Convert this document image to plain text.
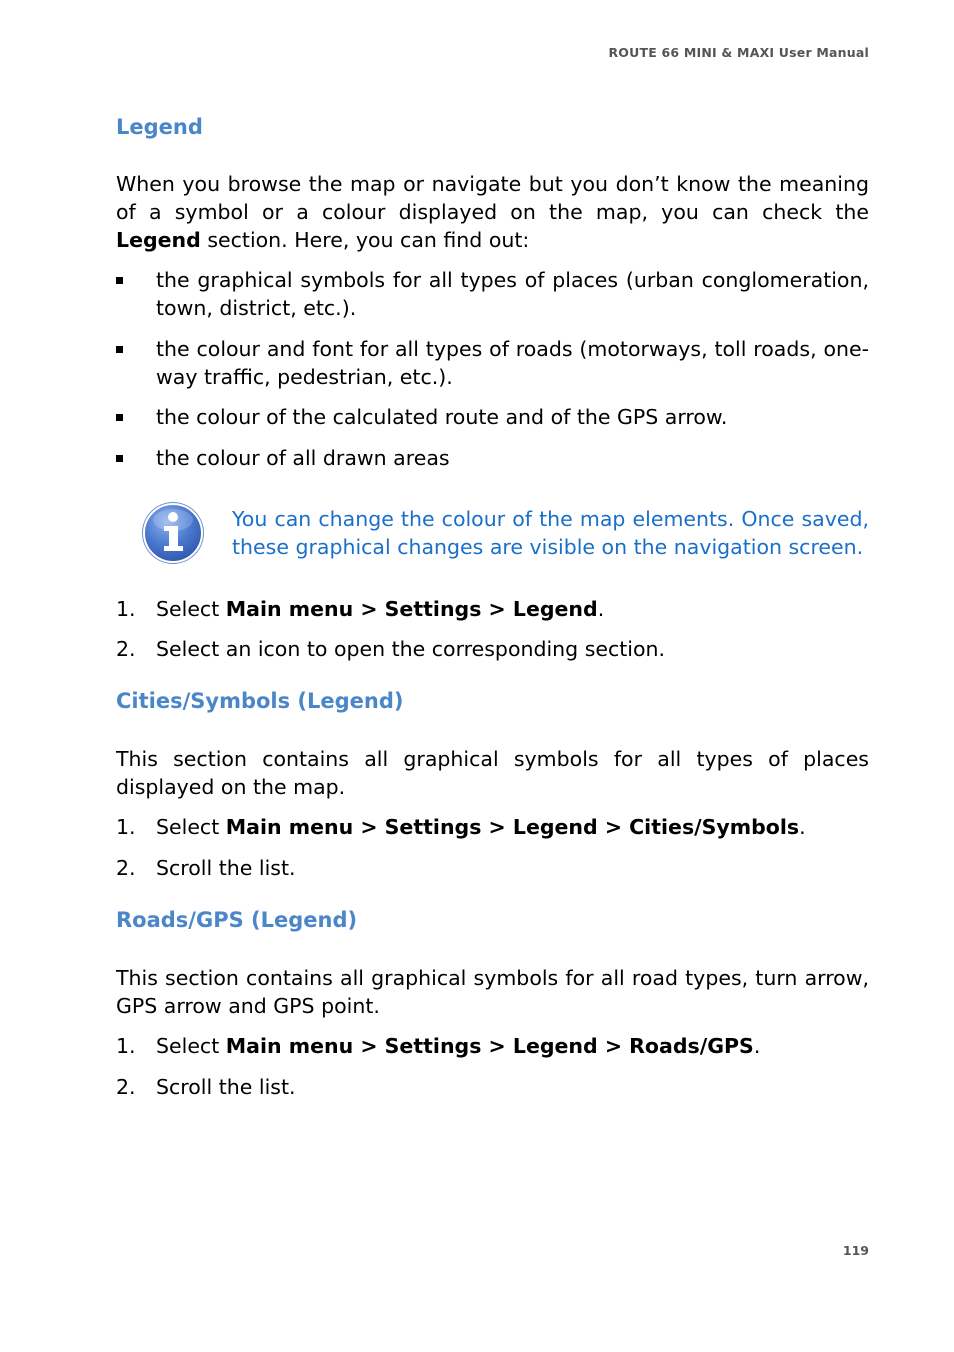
ROUTE 66 MINI & MAXI User Manual
Legend

When you browse the map or navigate but you don’t know the meaning of a symbol or a colour displayed on the map, you can check the Legend section. Here, you can find out:

the graphical symbols for all types of places (urban conglomeration, town, district, etc.).
the colour and font for all types of roads (motorways, toll roads, one-way traffic, pedestrian, etc.).
the colour of the calculated route and of the GPS arrow.
the colour of all drawn areas
You can change the colour of the map elements. Once saved, these graphical changes are visible on the navigation screen.
1. Select Main menu > Settings > Legend.
2. Select an icon to open the corresponding section.
Cities/Symbols (Legend)

This section contains all graphical symbols for all types of places displayed on the map.

1. Select Main menu > Settings > Legend > Cities/Symbols.
2. Scroll the list.
Roads/GPS (Legend)

This section contains all graphical symbols for all road types, turn arrow, GPS arrow and GPS point.

1. Select Main menu > Settings > Legend > Roads/GPS.
2. Scroll the list.
119
